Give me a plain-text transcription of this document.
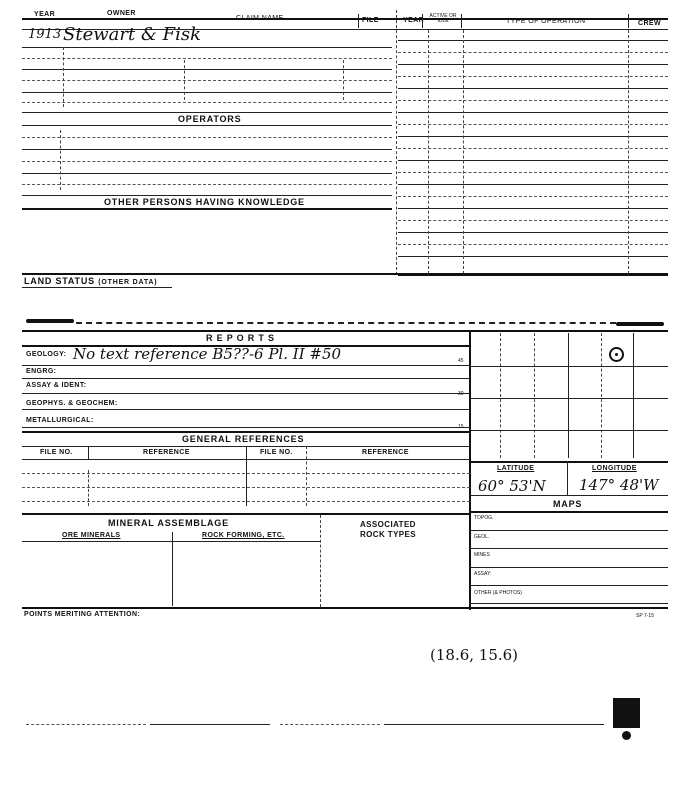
YEAR	OWNER
CLAIM NAME	FILE	YEAR
ACTIVE OR IDLE	TYPE OF OPERATION	CREW
1913 Stewart & Fisk
OPERATORS
OTHER PERSONS HAVING KNOWLEDGE
LAND STATUS (OTHER DATA)
R E P O R T S
GEOLOGY: No text reference B5??-6 Pl. II #50
ENGRG:
ASSAY & IDENT:
GEOPHYS. & GEOCHEM:
METALLURGICAL:
45
30
15
GENERAL REFERENCES
FILE NO.	REFERENCE	FILE NO.	REFERENCE
LATITUDE	LONGITUDE
60° 53'N 147° 48'W
MAPS
TOPOG.
GEOL.
MINES
ASSAY:
OTHER (& PHOTOS)
MINERAL ASSEMBLAGE	ASSOCIATED
ROCK TYPES
ORE MINERALS	ROCK FORMING, ETC.
POINTS MERITING ATTENTION:	SP 7-15
(18.6, 15.6)
